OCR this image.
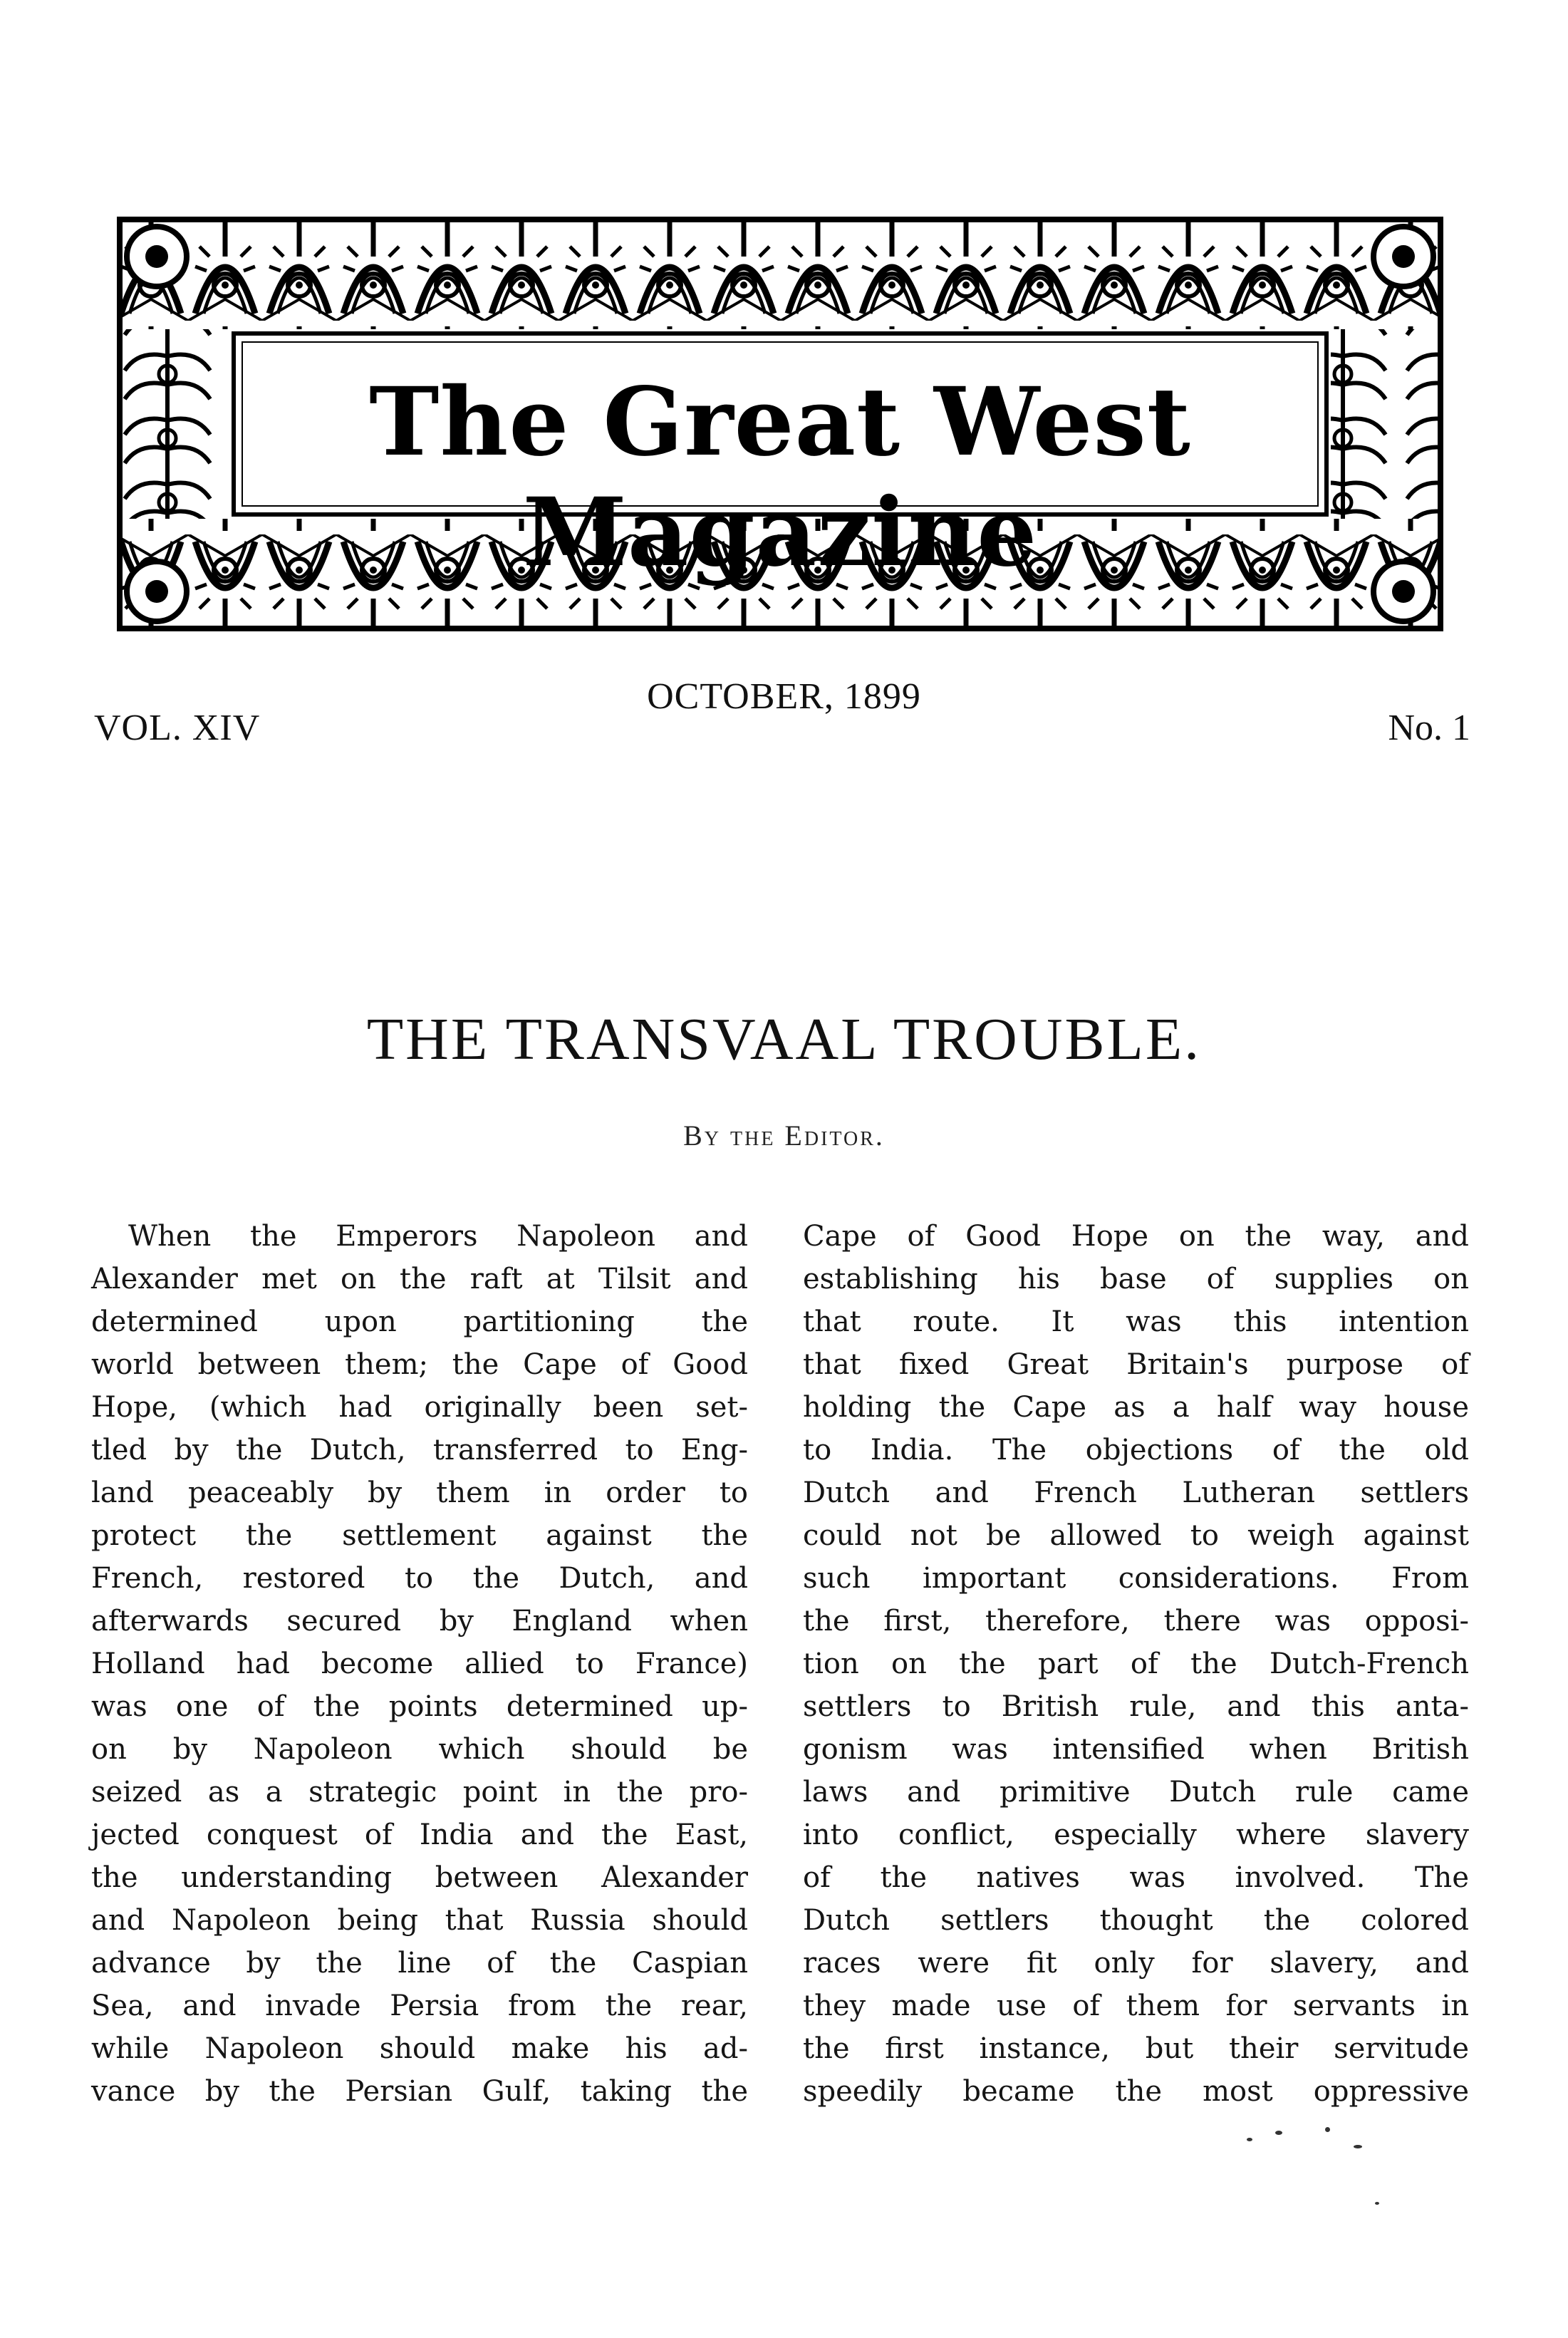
The Great West Magazine
VOL. XIV
OCTOBER, 1899
No. 1
THE TRANSVAAL TROUBLE.
By the Editor.
When the Emperors Napoleon and
Alexander met on the raft at Tilsit and
determined upon partitioning the
world between them; the Cape of Good
Hope, (which had originally been set-
tled by the Dutch, transferred to Eng-
land peaceably by them in order to
protect the settlement against the
French, restored to the Dutch, and
afterwards secured by England when
Holland had become allied to France)
was one of the points determined up-
on by Napoleon which should be
seized as a strategic point in the pro-
jected conquest of India and the East,
the understanding between Alexander
and Napoleon being that Russia should
advance by the line of the Caspian
Sea, and invade Persia from the rear,
while Napoleon should make his ad-
vance by the Persian Gulf, taking the
Cape of Good Hope on the way, and
establishing his base of supplies on
that route. It was this intention
that fixed Great Britain's purpose of
holding the Cape as a half way house
to India. The objections of the old
Dutch and French Lutheran settlers
could not be allowed to weigh against
such important considerations. From
the first, therefore, there was opposi-
tion on the part of the Dutch-French
settlers to British rule, and this anta-
gonism was intensified when British
laws and primitive Dutch rule came
into conflict, especially where slavery
of the natives was involved. The
Dutch settlers thought the colored
races were fit only for slavery, and
they made use of them for servants in
the first instance, but their servitude
speedily became the most oppressive
